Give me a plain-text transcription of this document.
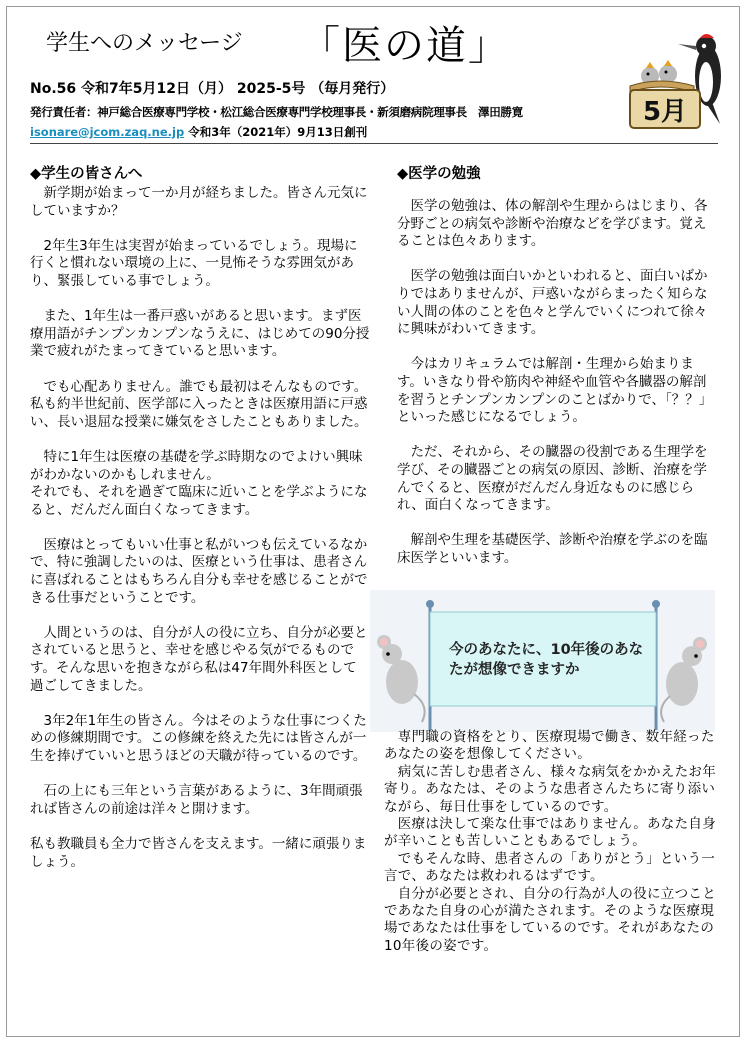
学生へのメッセージ 「医の道」
5月
No.56 令和7年5月12日（月） 2025-5号 （毎月発行）
発行責任者：神戸総合医療専門学校・松江総合医療専門学校理事長・新須磨病院理事長　澤田勝寛
isonare@jcom.zaq.ne.jp 令和3年（2021年）9月13日創刊
◆学生の皆さんへ

　新学期が始まって一か月が経ちました。皆さん元気にしていますか？

　2年生3年生は実習が始まっているでしょう。現場に行くと慣れない環境の上に、一見怖そうな雰囲気があり、緊張している事でしょう。

　また、1年生は一番戸惑いがあると思います。まず医療用語がチンプンカンプンなうえに、はじめての90分授業で疲れがたまってきていると思います。

　でも心配ありません。誰でも最初はそんなものです。私も約半世紀前、医学部に入ったときは医療用語に戸惑い、長い退屈な授業に嫌気をさしたこともありました。

　特に1年生は医療の基礎を学ぶ時期なのでよけい興味がわかないのかもしれません。
それでも、それを過ぎて臨床に近いことを学ぶようになると、だんだん面白くなってきます。

　医療はとってもいい仕事と私がいつも伝えているなかで、特に強調したいのは、医療という仕事は、患者さんに喜ばれることはもちろん自分も幸せを感じることができる仕事だということです。

　人間というのは、自分が人の役に立ち、自分が必要とされていると思うと、幸せを感じやる気がでるものです。そんな思いを抱きながら私は47年間外科医として過ごしてきました。

　3年2年1年生の皆さん。今はそのような仕事につくための修練期間です。この修練を終えた先には皆さんが一生を捧げていいと思うほどの天職が待っているのです。

　石の上にも三年という言葉があるように、3年間頑張れば皆さんの前途は洋々と開けます。

私も教職員も全力で皆さんを支えます。一緒に頑張りましょう。

◆医学の勉強

　医学の勉強は、体の解剖や生理からはじまり、各分野ごとの病気や診断や治療などを学びます。覚えることは色々あります。

　医学の勉強は面白いかといわれると、面白いばかりではありませんが、戸惑いながらまったく知らない人間の体のことを色々と学んでいくにつれて徐々に興味がわいてきます。

　今はカリキュラムでは解剖・生理から始まります。いきなり骨や筋肉や神経や血管や各臓器の解剖を習うとチンプンカンプンのことばかりで、「？？」といった感じになるでしょう。

　ただ、それから、その臓器の役割である生理学を学び、その臓器ごとの病気の原因、診断、治療を学んでくると、医療がだんだん身近なものに感じられ、面白くなってきます。

　解剖や生理を基礎医学、診断や治療を学ぶのを臨床医学といいます。

今のあなたに、10年後のあなたが想像できますか

　専門職の資格をとり、医療現場で働き、数年経ったあなたの姿を想像してください。

　病気に苦しむ患者さん、様々な病気をかかえたお年寄り。あなたは、そのような患者さんたちに寄り添いながら、毎日仕事をしているのです。

　医療は決して楽な仕事ではありません。あなた自身が辛いことも苦しいこともあるでしょう。

　でもそんな時、患者さんの「ありがとう」という一言で、あなたは救われるはずです。

　自分が必要とされ、自分の行為が人の役に立つことであなた自身の心が満たされます。そのような医療現場であなたは仕事をしているのです。それがあなたの10年後の姿です。
